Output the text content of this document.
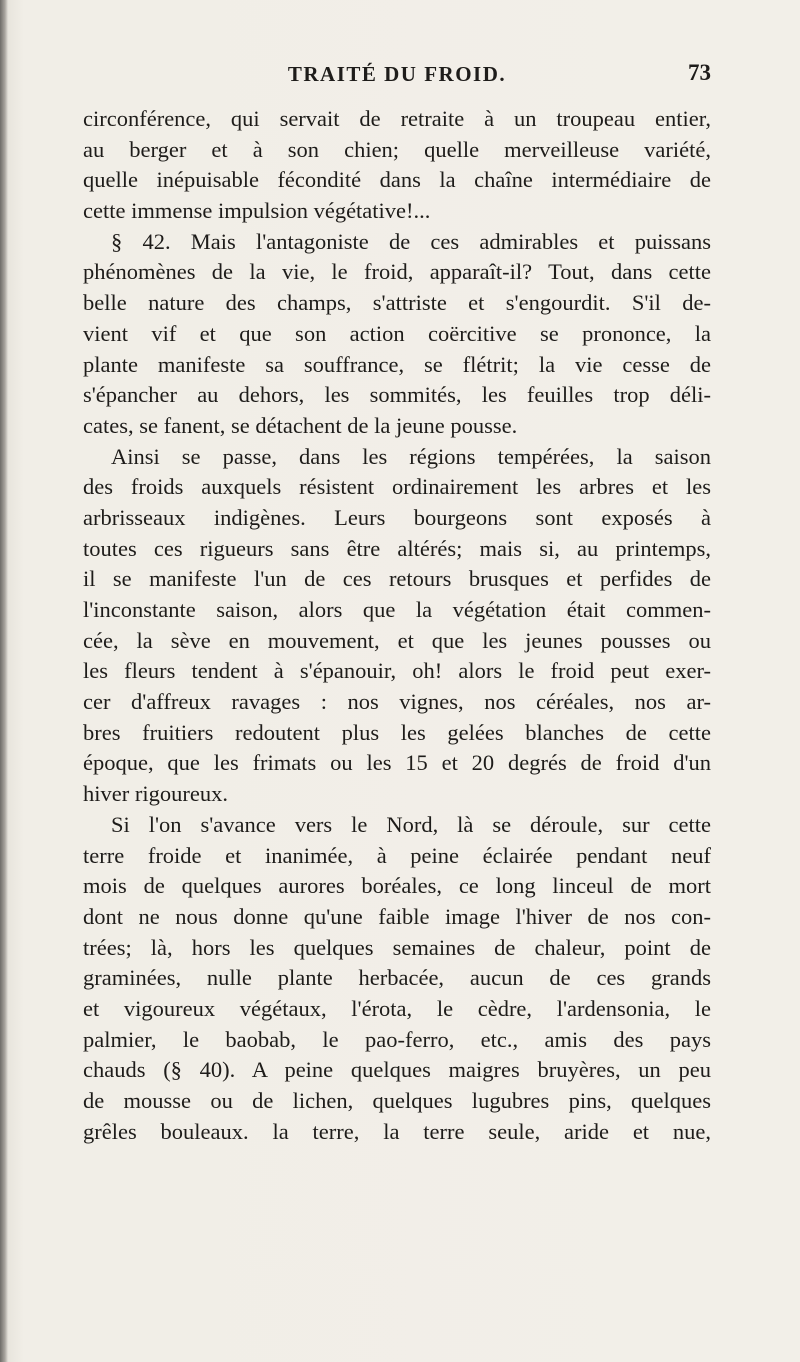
TRAITÉ DU FROID.	73
circonférence, qui servait de retraite à un troupeau entier,
au berger et à son chien; quelle merveilleuse variété,
quelle inépuisable fécondité dans la chaîne intermédiaire de
cette immense impulsion végétative!...
§ 42. Mais l'antagoniste de ces admirables et puissans
phénomènes de la vie, le froid, apparaît-il? Tout, dans cette
belle nature des champs, s'attriste et s'engourdit. S'il de-
vient vif et que son action coërcitive se prononce, la
plante manifeste sa souffrance, se flétrit; la vie cesse de
s'épancher au dehors, les sommités, les feuilles trop déli-
cates, se fanent, se détachent de la jeune pousse.
Ainsi se passe, dans les régions tempérées, la saison
des froids auxquels résistent ordinairement les arbres et les
arbrisseaux indigènes. Leurs bourgeons sont exposés à
toutes ces rigueurs sans être altérés; mais si, au printemps,
il se manifeste l'un de ces retours brusques et perfides de
l'inconstante saison, alors que la végétation était commen-
cée, la sève en mouvement, et que les jeunes pousses ou
les fleurs tendent à s'épanouir, oh! alors le froid peut exer-
cer d'affreux ravages : nos vignes, nos céréales, nos ar-
bres fruitiers redoutent plus les gelées blanches de cette
époque, que les frimats ou les 15 et 20 degrés de froid d'un
hiver rigoureux.
Si l'on s'avance vers le Nord, là se déroule, sur cette
terre froide et inanimée, à peine éclairée pendant neuf
mois de quelques aurores boréales, ce long linceul de mort
dont ne nous donne qu'une faible image l'hiver de nos con-
trées; là, hors les quelques semaines de chaleur, point de
graminées, nulle plante herbacée, aucun de ces grands
et vigoureux végétaux, l'érota, le cèdre, l'ardensonia, le
palmier, le baobab, le pao-ferro, etc., amis des pays
chauds (§ 40). A peine quelques maigres bruyères, un peu
de mousse ou de lichen, quelques lugubres pins, quelques
grêles bouleaux. la terre, la terre seule, aride et nue,
